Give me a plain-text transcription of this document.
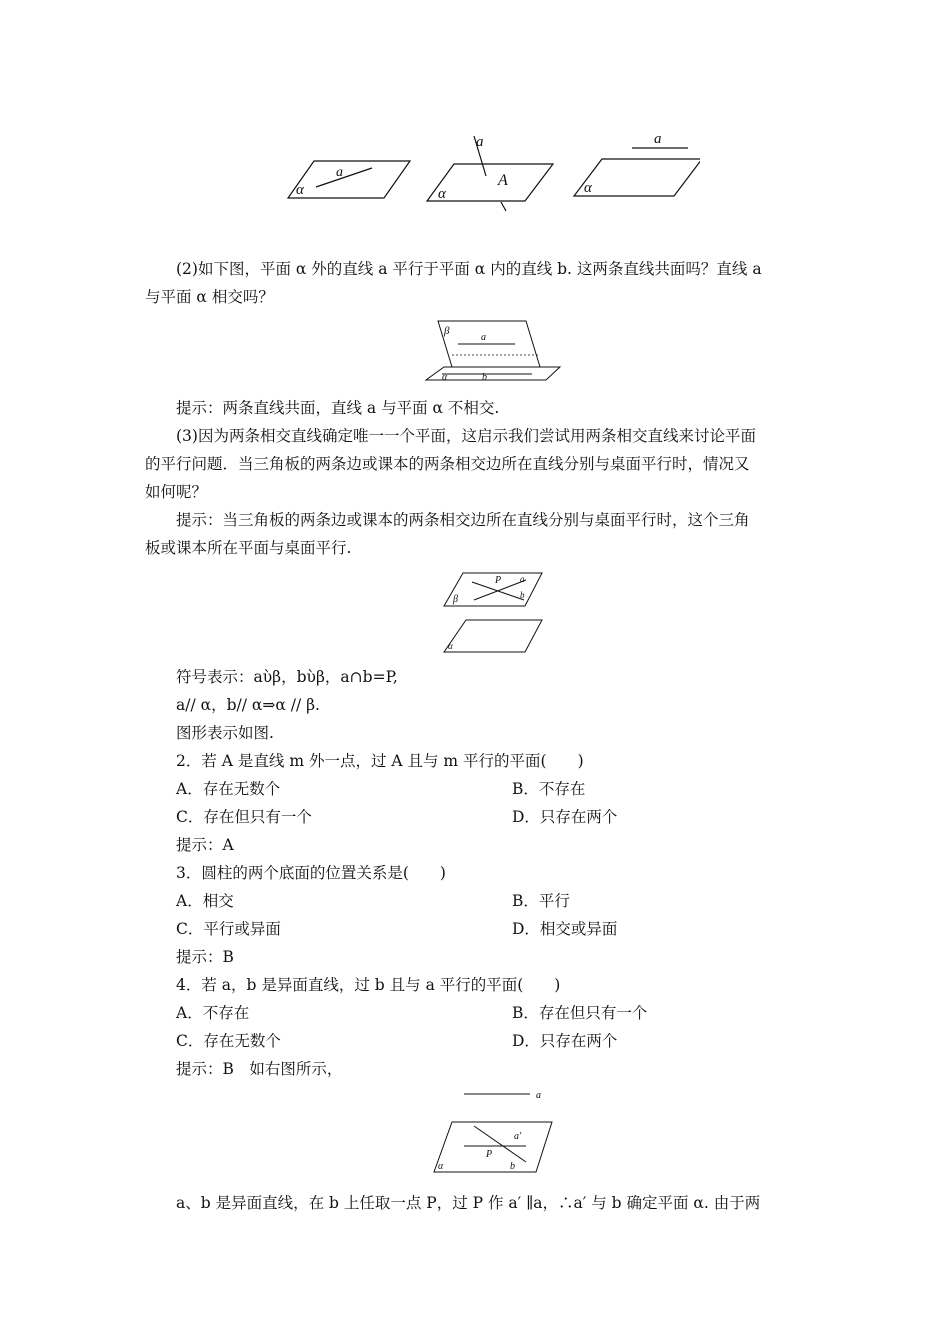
α
a
a
A
α
a
α
(2)如下图，平面 α 外的直线 a 平行于平面 α 内的直线 b. 这两条直线共面吗？直线 a
与平面 α 相交吗？
β
a
α	b
提示：两条直线共面，直线 a 与平面 α 不相交.
(3)因为两条相交直线确定唯一一个平面，这启示我们尝试用两条相交直线来讨论平面
的平行问题．当三角板的两条边或课本的两条相交边所在直线分别与桌面平行时，情况又
如何呢？
提示：当三角板的两条边或课本的两条相交边所在直线分别与桌面平行时，这个三角
板或课本所在平面与桌面平行.
P a
b
β
α
符号表示：aὺβ，bὺβ，a∩b=P,
a// α，b// α⇒α // β.
图形表示如图.
2．若 A 是直线 m 外一点，过 A 且与 m 平行的平面(　　)
A．存在无数个	B．不存在
C．存在但只有一个	D．只存在两个
提示：A
3．圆柱的两个底面的位置关系是(　　)
A．相交	B．平行
C．平行或异面	D．相交或异面
提示：B
4．若 a，b 是异面直线，过 b 且与 a 平行的平面(　　)
A．不存在	B．存在但只有一个
C．存在无数个	D．只存在两个
提示：B　如右图所示，
a
a′
P
b
α
a、b 是异面直线，在 b 上任取一点 P，过 P 作 a′ ∥a，∴a′ 与 b 确定平面 α. 由于两
